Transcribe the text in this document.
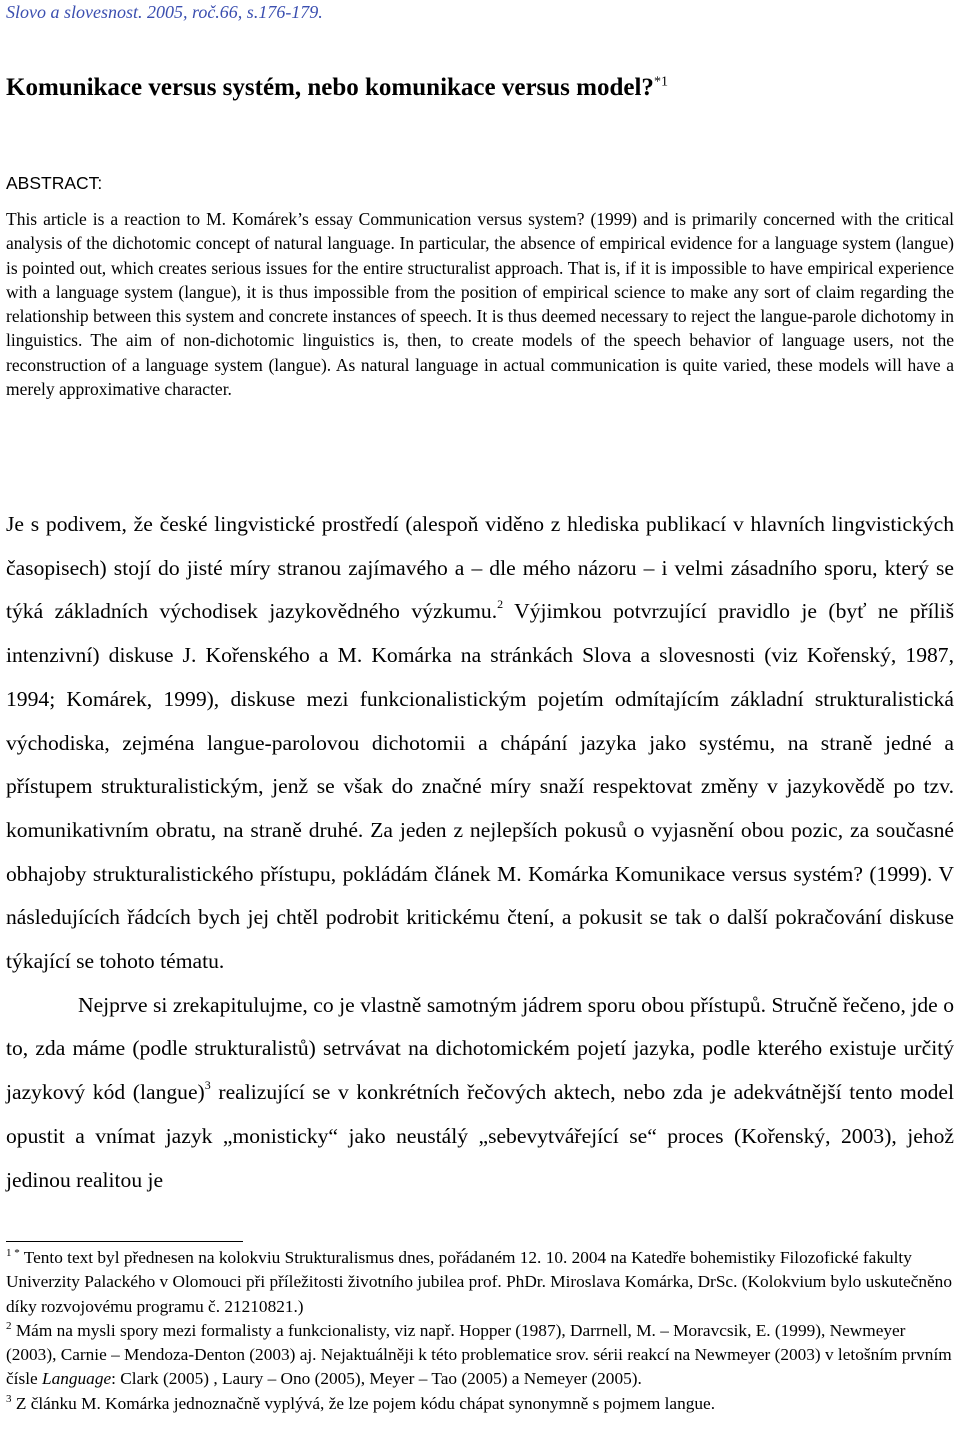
Slovo a slovesnost. 2005, roč.66, s.176-179.
Komunikace versus systém, nebo komunikace versus model?$^{*1}$
ABSTRACT:
This article is a reaction to M. Komárek’s essay Communication versus system? (1999) and is primarily concerned with the critical analysis of the dichotomic concept of natural language. In particular, the absence of empirical evidence for a language system (langue) is pointed out, which creates serious issues for the entire structuralist approach. That is, if it is impossible to have empirical experience with a language system (langue), it is thus impossible from the position of empirical science to make any sort of claim regarding the relationship between this system and concrete instances of speech. It is thus deemed necessary to reject the langue-parole dichotomy in linguistics. The aim of non-dichotomic linguistics is, then, to create models of the speech behavior of language users, not the reconstruction of a language system (langue). As natural language in actual communication is quite varied, these models will have a merely approximative character.

Je s podivem, že české lingvistické prostředí (alespoň viděno z hlediska publikací v hlavních lingvistických časopisech) stojí do jisté míry stranou zajímavého a – dle mého názoru – i velmi zásadního sporu, který se týká základních východisek jazykovědného výzkumu.$^2$ Výjimkou potvrzující pravidlo je (byť ne příliš intenzivní) diskuse J. Kořenského a M. Komárka na stránkách Slova a slovesnosti (viz Kořenský, 1987, 1994; Komárek, 1999), diskuse mezi funkcionalistickým pojetím odmítajícím základní strukturalistická východiska, zejména langue-parolovou dichotomii a chápání jazyka jako systému, na straně jedné a přístupem strukturalistickým, jenž se však do značné míry snaží respektovat změny v jazykovědě po tzv. komunikativním obratu, na straně druhé. Za jeden z nejlepších pokusů o vyjasnění obou pozic, za současné obhajoby strukturalistického přístupu, pokládám článek M. Komárka Komunikace versus systém? (1999). V následujících řádcích bych jej chtěl podrobit kritickému čtení, a pokusit se tak o další pokračování diskuse týkající se tohoto tématu.

Nejprve si zrekapitulujme, co je vlastně samotným jádrem sporu obou přístupů. Stručně řečeno, jde o to, zda máme (podle strukturalistů) setrvávat na dichotomickém pojetí jazyka, podle kterého existuje určitý jazykový kód (langue)$^3$ realizující se v konkrétních řečových aktech, nebo zda je adekvátnější tento model opustit a vnímat jazyk „monisticky“ jako neustálý „sebevytvářející se“ proces (Kořenský, 2003), jehož jedinou realitou je

$^{1 *}$ Tento text byl přednesen na kolokviu Strukturalismus dnes, pořádaném 12. 10. 2004 na Katedře bohemistiky Filozofické fakulty Univerzity Palackého v Olomouci při příležitosti životního jubilea prof. PhDr. Miroslava Komárka, DrSc. (Kolokvium bylo uskutečněno díky rozvojovému programu č. 21210821.)

$^2$ Mám na mysli spory mezi formalisty a funkcionalisty, viz např. Hopper (1987), Darrnell, M. – Moravcsik, E. (1999), Newmeyer (2003), Carnie – Mendoza-Denton (2003) aj. Nejaktuálněji k této problematice srov. sérii reakcí na Newmeyer (2003) v letošním prvním čísle Language: Clark (2005) , Laury – Ono (2005), Meyer – Tao (2005) a Nemeyer (2005).

$^3$ Z článku M. Komárka jednoznačně vyplývá, že lze pojem kódu chápat synonymně s pojmem langue.
